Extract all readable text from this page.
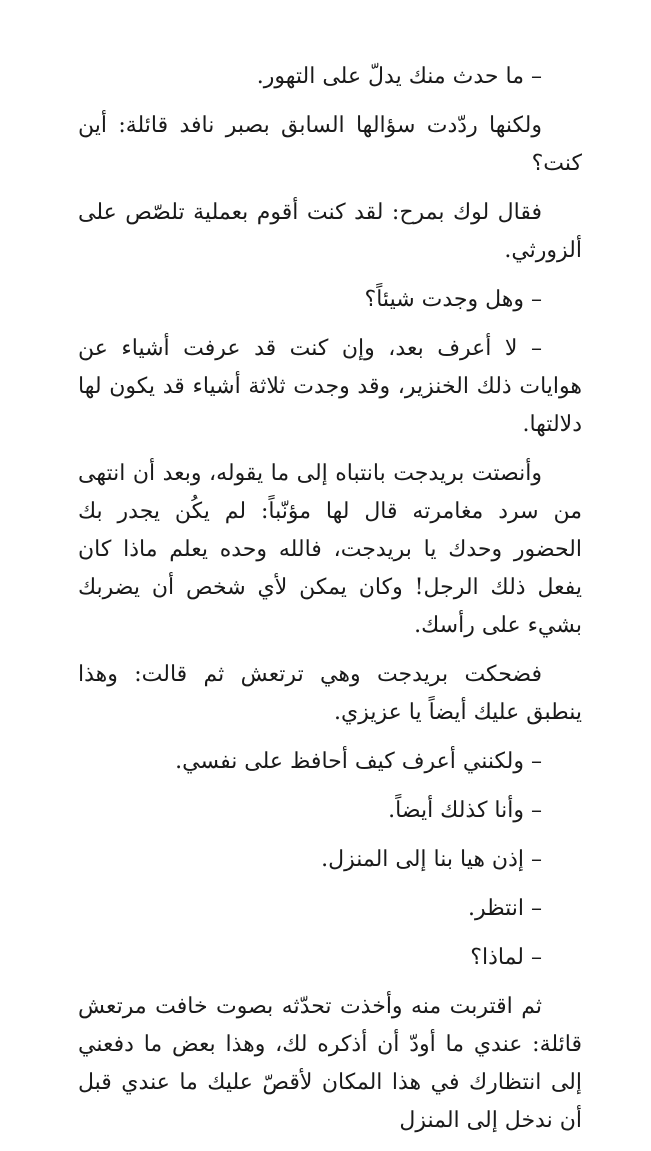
– ما حدث منك يدلّ على التهور.

ولكنها ردّدت سؤالها السابق بصبر نافد قائلة: أين كنت؟

فقال لوك بمرح: لقد كنت أقوم بعملية تلصّص على ألزورثي.

– وهل وجدت شيئاً؟

– لا أعرف بعد، وإن كنت قد عرفت أشياء عن هوايات ذلك الخنزير، وقد وجدت ثلاثة أشياء قد يكون لها دلالتها.

وأنصتت بريدجت بانتباه إلى ما يقوله، وبعد أن انتهى من سرد مغامرته قال لها مؤنّباً: لم يكُن يجدر بك الحضور وحدك يا بريدجت، فالله وحده يعلم ماذا كان يفعل ذلك الرجل! وكان يمكن لأي شخص أن يضربك بشيء على رأسك.

فضحكت بريدجت وهي ترتعش ثم قالت: وهذا ينطبق عليك أيضاً يا عزيزي.

– ولكنني أعرف كيف أحافظ على نفسي.

– وأنا كذلك أيضاً.

– إذن هيا بنا إلى المنزل.

– انتظر.

– لماذا؟

ثم اقتربت منه وأخذت تحدّثه بصوت خافت مرتعش قائلة: عندي ما أودّ أن أذكره لك، وهذا بعض ما دفعني إلى انتظارك في هذا المكان لأقصّ عليك ما عندي قبل أن ندخل إلى المنزل
